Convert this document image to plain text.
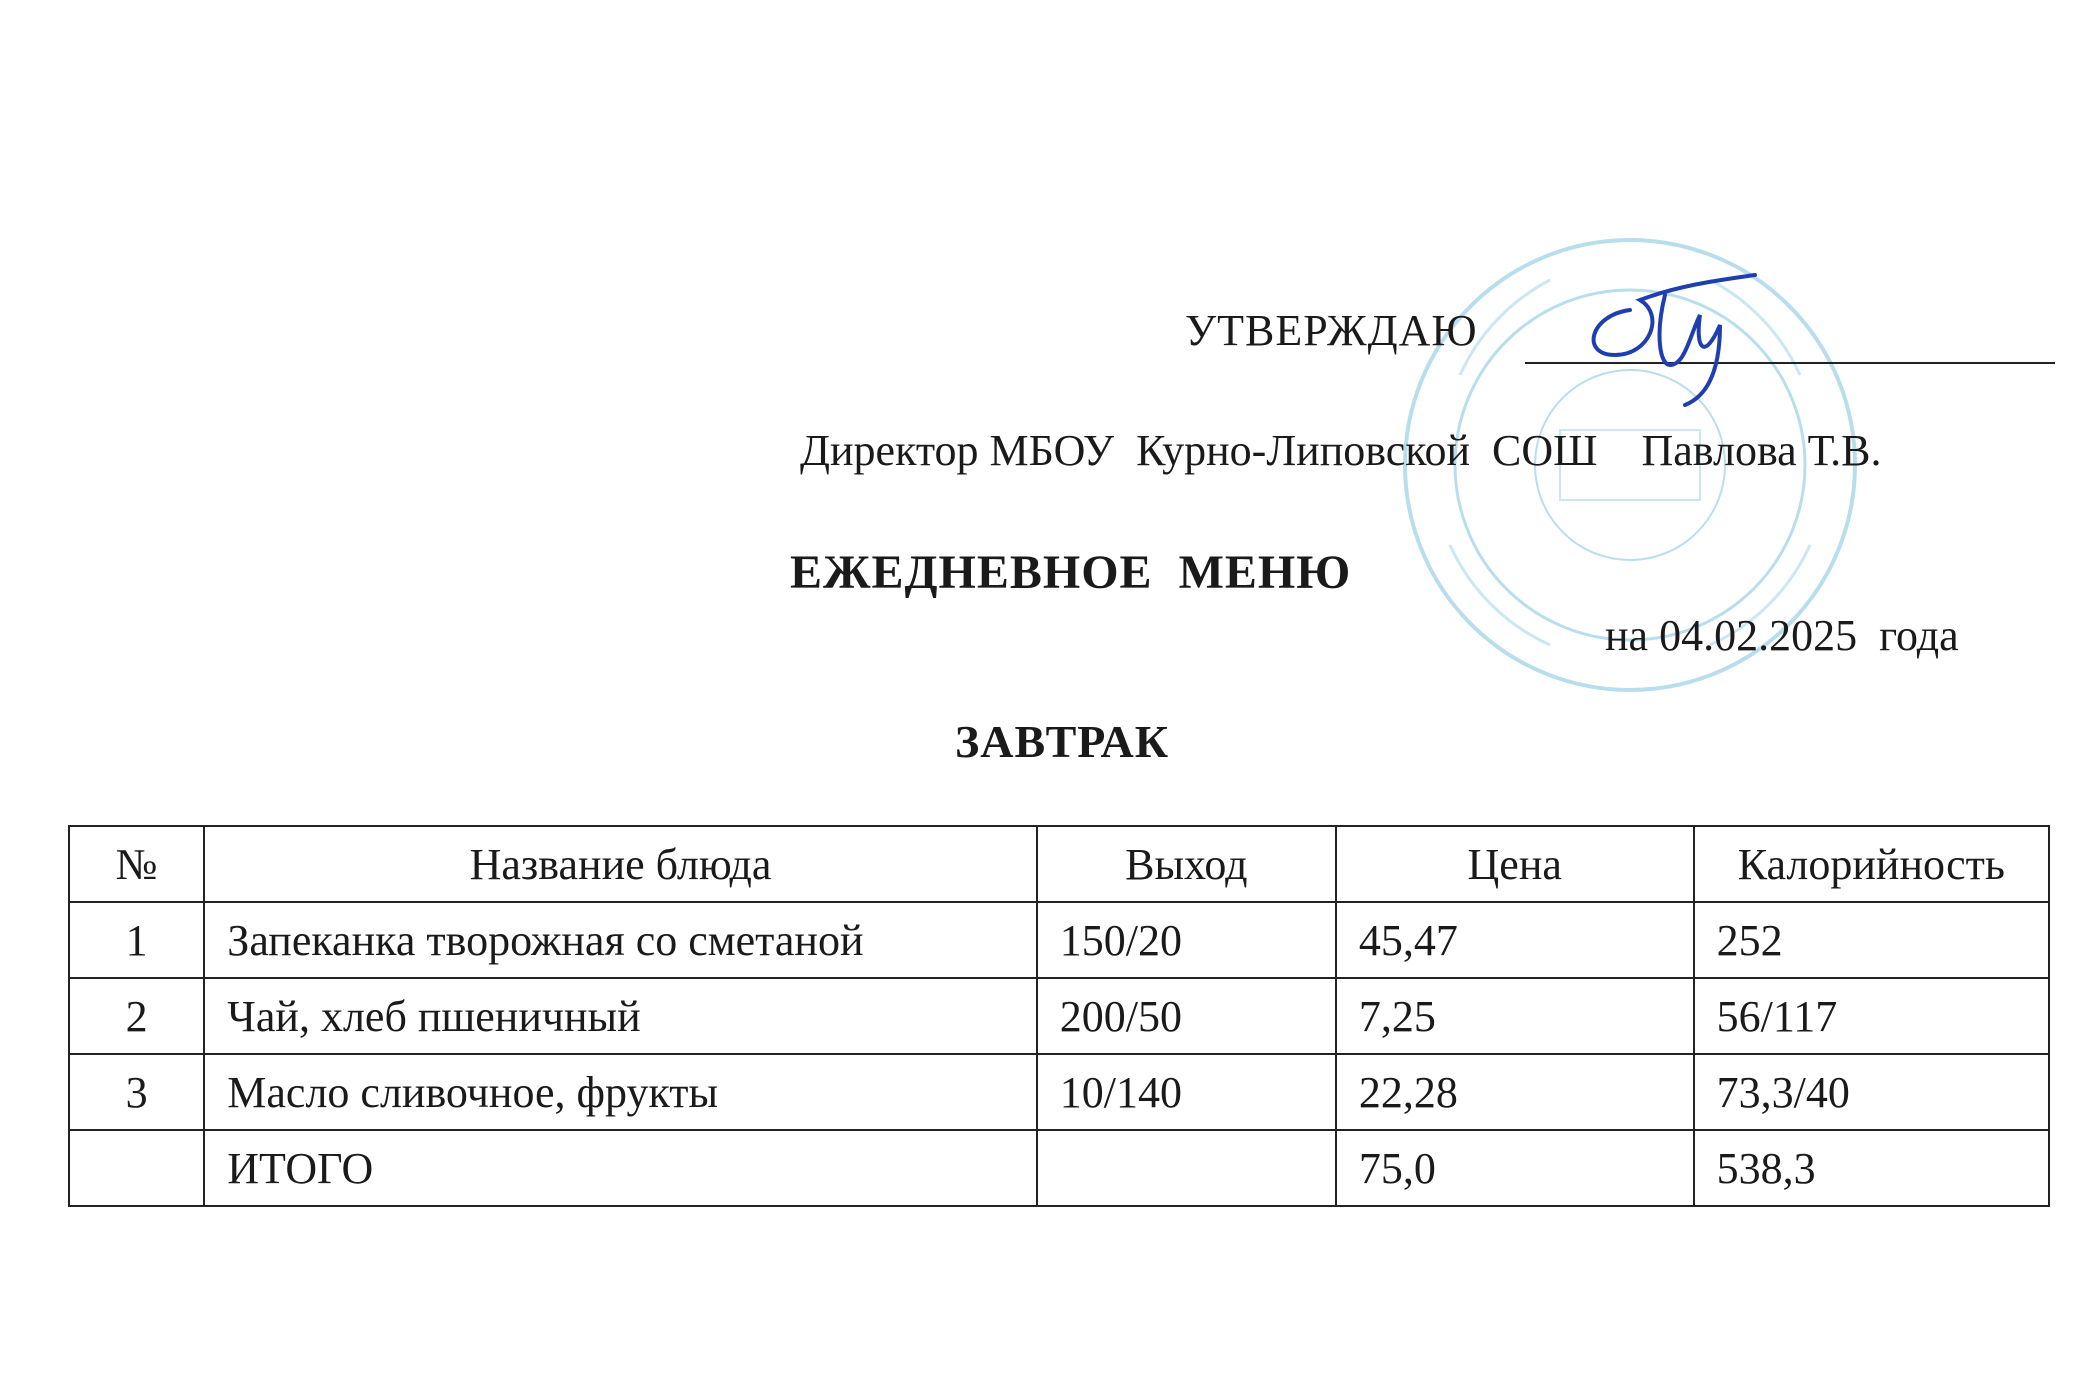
УТВЕРЖДАЮ
Директор МБОУ  Курно-Липовской  СОШ    Павлова Т.В.
ЕЖЕДНЕВНОЕ  МЕНЮ
на 04.02.2025  года
ЗАВТРАК
№	Название блюда	Выход	Цена	Калорийность
1	Запеканка творожная со сметаной	150/20	45,47	252
2	Чай, хлеб пшеничный	200/50	7,25	56/117
3	Масло сливочное, фрукты	10/140	22,28	73,3/40
	ИТОГО		75,0	538,3
